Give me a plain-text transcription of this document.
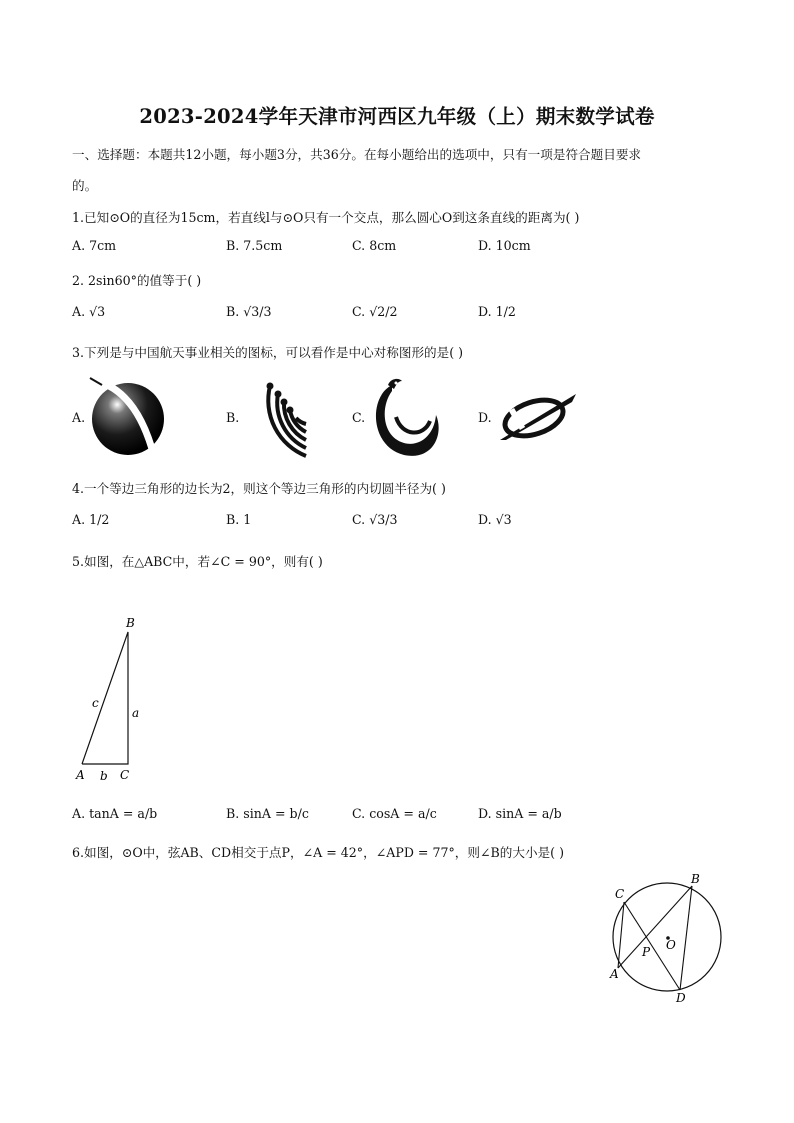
2023-2024学年天津市河西区九年级（上）期末数学试卷
一、选择题：本题共12小题，每小题3分，共36分。在每小题给出的选项中，只有一项是符合题目要求
的。
1.已知⊙O的直径为15cm，若直线l与⊙O只有一个交点，那么圆心O到这条直线的距离为( )
A. 7cm	B. 7.5cm	C. 8cm	D. 10cm
2. 2sin60°的值等于( )
A. √3	B. √3/3	C. √2/2	D. 1/2
3.下列是与中国航天事业相关的图标，可以看作是中心对称图形的是( )
A.	B.	C.	D.
4.一个等边三角形的边长为2，则这个等边三角形的内切圆半径为( )
A. 1/2	B. 1	C. √3/3	D. √3
5.如图，在△ABC中，若∠C = 90°，则有( )
B
c
a
A b C
A. tanA = a/b	B. sinA = b/c	C. cosA = a/c	D. sinA = a/b
6.如图，⊙O中，弦AB、CD相交于点P，∠A = 42°，∠APD = 77°，则∠B的大小是( )
C
B
P O
A
D
